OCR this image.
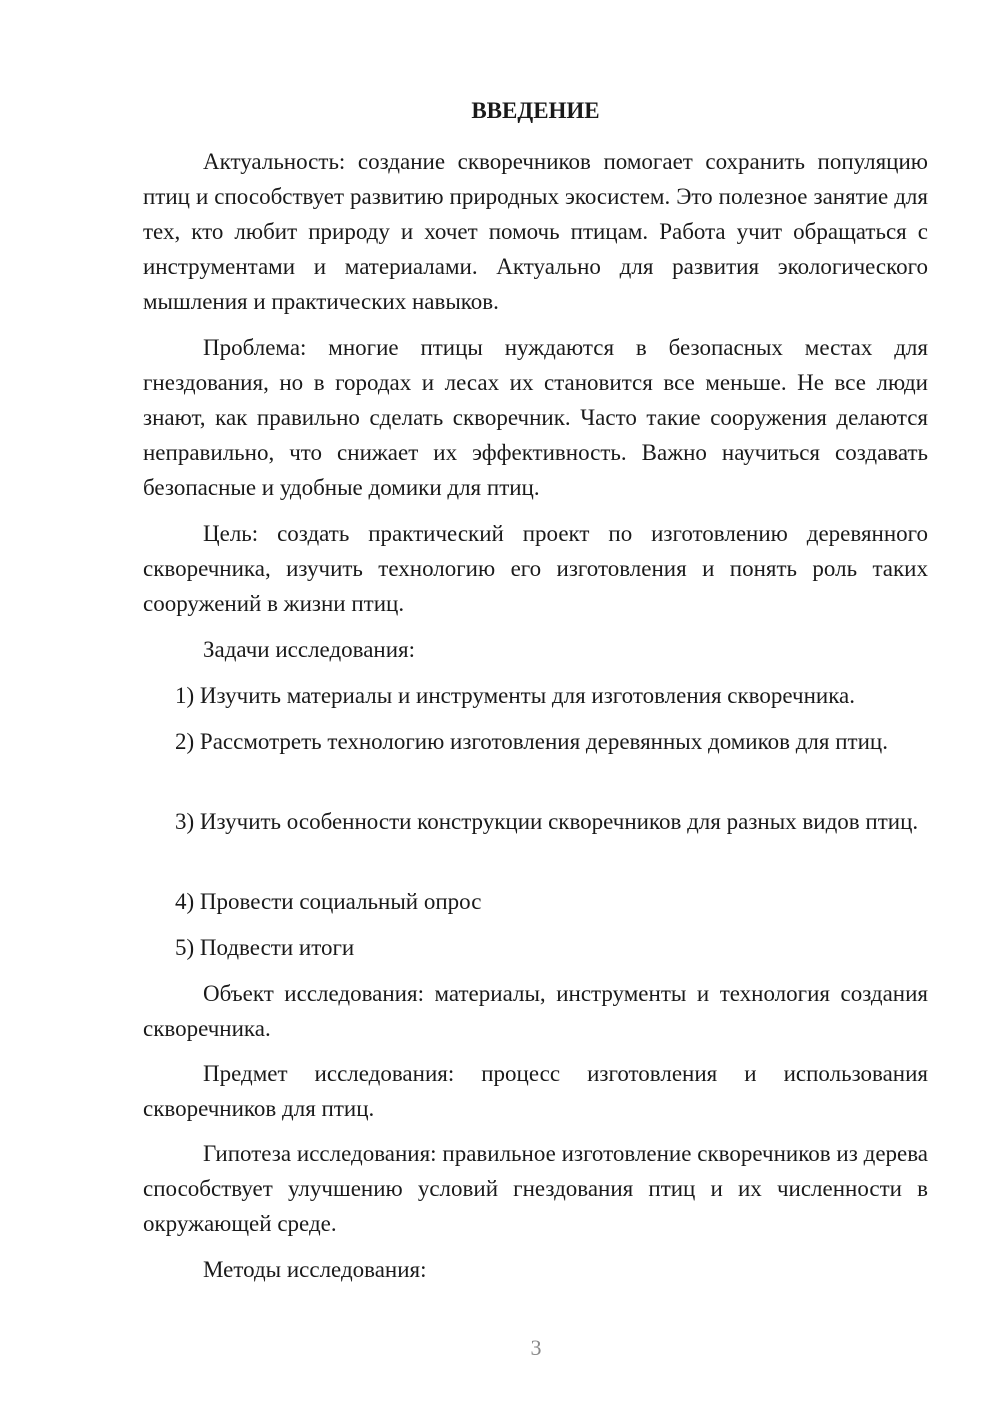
ВВЕДЕНИЕ

Актуальность: создание скворечников помогает сохранить популяцию птиц и способствует развитию природных экосистем. Это полезное занятие для тех, кто любит природу и хочет помочь птицам. Работа учит обращаться с инструментами и материалами. Актуально для развития экологического мышления и практических навыков.

Проблема: многие птицы нуждаются в безопасных местах для гнездования, но в городах и лесах их становится все меньше. Не все люди знают, как правильно сделать скворечник. Часто такие сооружения делаются неправильно, что снижает их эффективность. Важно научиться создавать безопасные и удобные домики для птиц.

Цель: создать практический проект по изготовлению деревянного скворечника, изучить технологию его изготовления и понять роль таких сооружений в жизни птиц.

Задачи исследования:

1) Изучить материалы и инструменты для изготовления скворечника.

2) Рассмотреть технологию изготовления деревянных домиков для птиц.

3) Изучить особенности конструкции скворечников для разных видов птиц.

4) Провести социальный опрос

5) Подвести итоги

Объект исследования: материалы, инструменты и технология создания скворечника.

Предмет исследования: процесс изготовления и использования скворечников для птиц.

Гипотеза исследования: правильное изготовление скворечников из дерева способствует улучшению условий гнездования птиц и их численности в окружающей среде.

Методы исследования:

3
